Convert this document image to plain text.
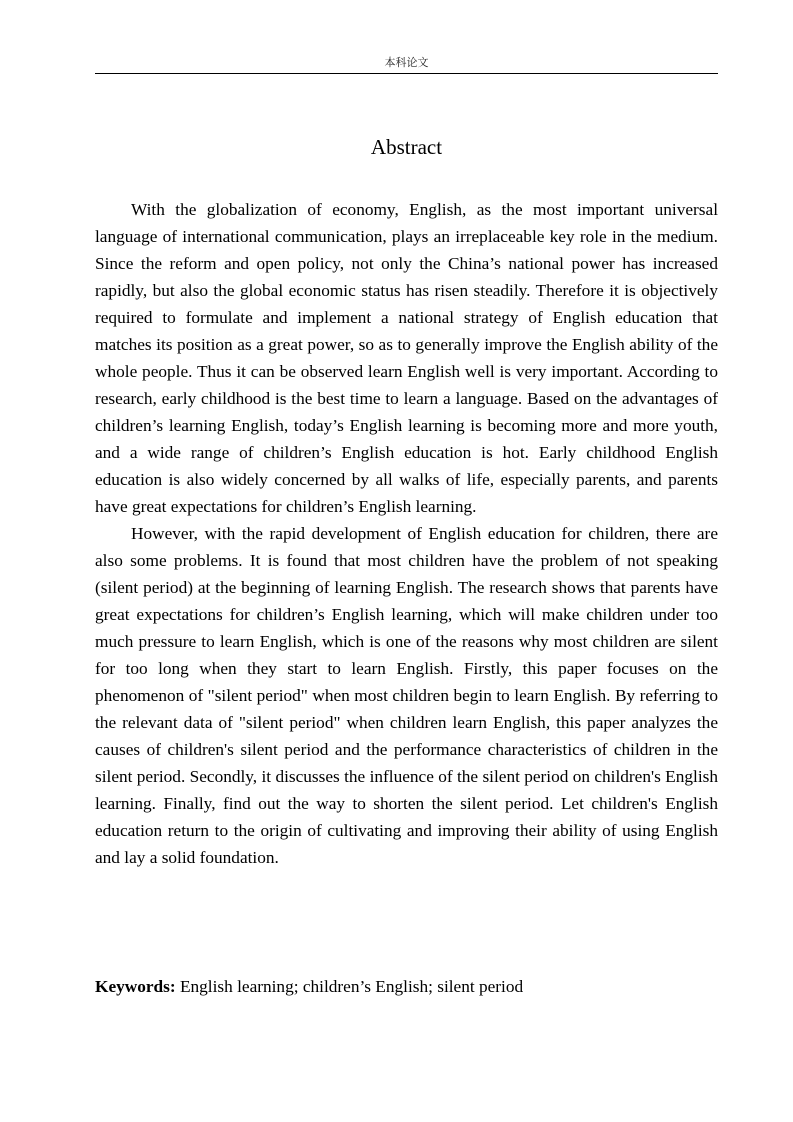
本科论文
Abstract

With the globalization of economy, English, as the most important universal language of international communication, plays an irreplaceable key role in the medium. Since the reform and open policy, not only the China’s national power has increased rapidly, but also the global economic status has risen steadily. Therefore it is objectively required to formulate and implement a national strategy of English education that matches its position as a great power, so as to generally improve the English ability of the whole people. Thus it can be observed learn English well is very important. According to research, early childhood is the best time to learn a language. Based on the advantages of children’s learning English, today’s English learning is becoming more and more youth, and a wide range of children’s English education is hot. Early childhood English education is also widely concerned by all walks of life, especially parents, and parents have great expectations for children’s English learning.

However, with the rapid development of English education for children, there are also some problems. It is found that most children have the problem of not speaking (silent period) at the beginning of learning English. The research shows that parents have great expectations for children’s English learning, which will make children under too much pressure to learn English, which is one of the reasons why most children are silent for too long when they start to learn English. Firstly, this paper focuses on the phenomenon of "silent period" when most children begin to learn English. By referring to the relevant data of "silent period" when children learn English, this paper analyzes the causes of children's silent period and the performance characteristics of children in the silent period. Secondly, it discusses the influence of the silent period on children's English learning. Finally, find out the way to shorten the silent period. Let children's English education return to the origin of cultivating and improving their ability of using English and lay a solid foundation.

Keywords: English learning; children’s English; silent period
